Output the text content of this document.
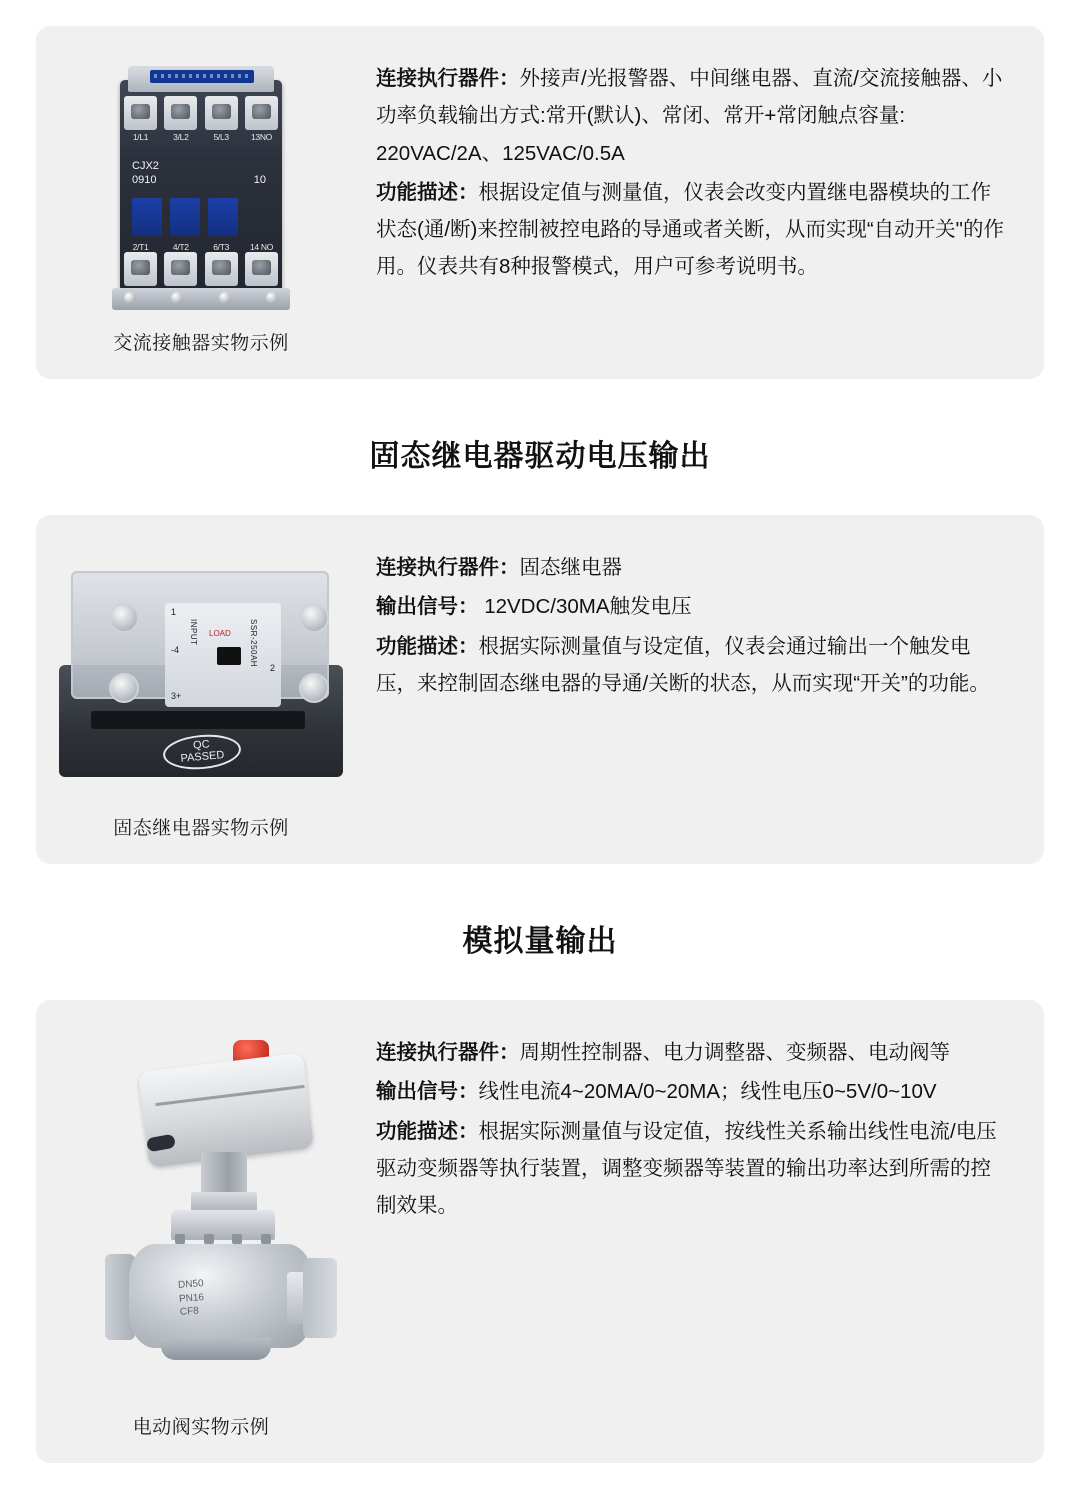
1/L1	3/L2	5/L3	13NO
CJX2
0910	10
2/T1	4/T2	6/T3	14 NO
交流接触器实物示例

连接执行器件：外接声/光报警器、中间继电器、直流/交流接触器、小功率负载输出方式:常开(默认)、常闭、常开+常闭触点容量: 220VAC/2A、125VAC/0.5A

功能描述：根据设定值与测量值，仪表会改变内置继电器模块的工作状态(通/断)来控制被控电路的导通或者关断，从而实现“自动开关"的作用。仪表共有8种报警模式，用户可参考说明书。

固态继电器驱动电压输出
INPUT	SSR-250AH
LOAD
1
2
3+
-4
QC
PASSED
固态继电器实物示例

连接执行器件：固态继电器

输出信号： 12VDC/30MA触发电压

功能描述：根据实际测量值与设定值，仪表会通过输出一个触发电压，来控制固态继电器的导通/关断的状态，从而实现“开关”的功能。

模拟量输出
DN50
PN16
CF8
电动阀实物示例

连接执行器件：周期性控制器、电力调整器、变频器、电动阀等

输出信号：线性电流4~20MA/0~20MA；线性电压0~5V/0~10V

功能描述：根据实际测量值与设定值，按线性关系输出线性电流/电压驱动变频器等执行装置，调整变频器等装置的输出功率达到所需的控制效果。
